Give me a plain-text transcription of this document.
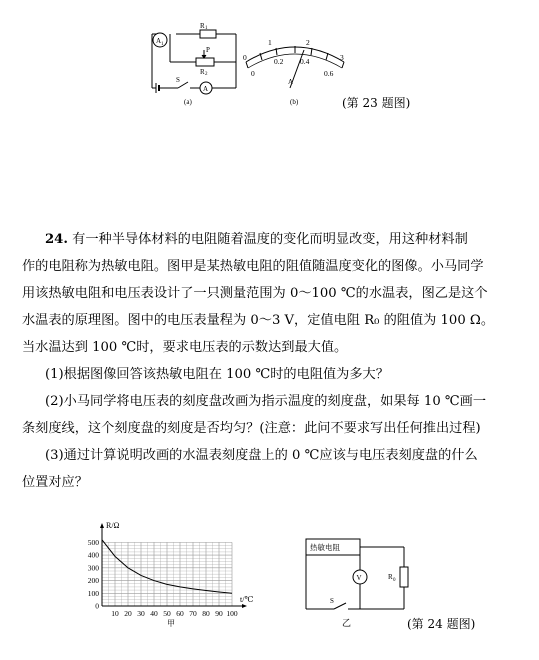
A 1
A
R 1
P
R 2
S
(a)
0
1	2
3
0
0.2 0.4
0.6
A
(b)	(第 23 题图)
24. 有一种半导体材料的电阻随着温度的变化而明显改变，用这种材料制
作的电阻称为热敏电阻。图甲是某热敏电阻的阻值随温度变化的图像。小马同学
用该热敏电阻和电压表设计了一只测量范围为 0～100 ℃的水温表，图乙是这个
水温表的原理图。图中的电压表量程为 0～3 V，定值电阻 R₀ 的阻值为 100 Ω。
当水温达到 100 ℃时，要求电压表的示数达到最大值。
(1)根据图像回答该热敏电阻在 100 ℃时的电阻值为多大？
(2)小马同学将电压表的刻度盘改画为指示温度的刻度盘，如果每 10 ℃画一
条刻度线，这个刻度盘的刻度是否均匀？(注意：此问不要求写出任何推出过程)
(3)通过计算说明改画的水温表刻度盘上的 0 ℃应该与电压表刻度盘的什么
位置对应？
0
100
200
300
400
500
10 20 30 40 50 60 70 80 90 100
R/Ω
t/℃
甲
V
热敏电阻
R 0
S
乙	(第 24 题图)
